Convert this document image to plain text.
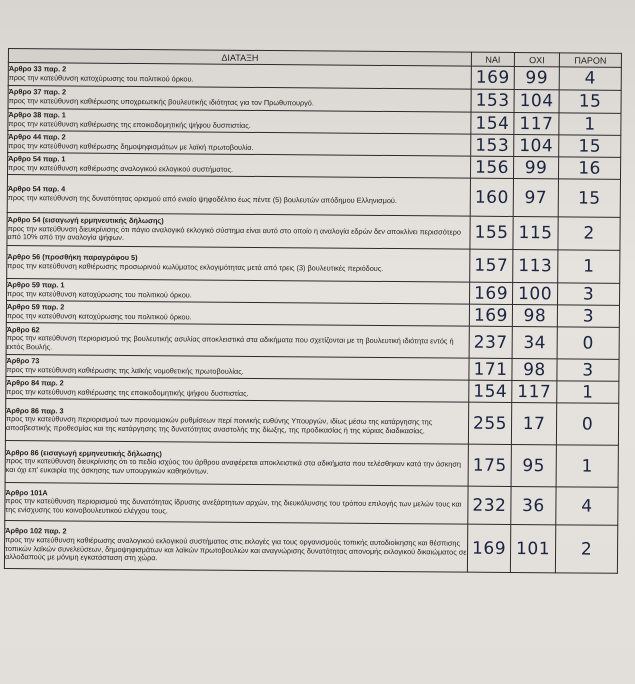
ΔΙΑΤΑΞΗ	ΝΑΙ	ΟΧΙ	ΠΑΡΟΝ

Άρθρο 33 παρ. 2
προς την κατεύθυνση κατοχύρωσης του πολιτικού όρκου.	169	99	4

Άρθρο 37 παρ. 2
προς την κατεύθυνση καθιέρωσης υποχρεωτικής βουλευτικής ιδιότητας για τον Πρωθυπουργό.	153	104	15

Άρθρο 38 παρ. 1
προς την κατεύθυνση καθιέρωσης της εποικοδομητικής ψήφου δυσπιστίας.	154	117	1

Άρθρο 44 παρ. 2
προς την κατεύθυνση καθιέρωσης δημοψηφισμάτων με λαϊκή πρωτοβουλία.	153	104	15

Άρθρο 54 παρ. 1
προς την κατεύθυνση καθιέρωσης αναλογικού εκλογικού συστήματος.	156	99	16

Άρθρο 54 παρ. 4
προς την κατεύθυνση της δυνατότητας ορισμού από ενιαίο ψηφοδέλτιο έως πέντε (5) βουλευτών απόδημου Ελληνισμού.	160	97	15

Άρθρο 54 (εισαγωγή ερμηνευτικής δήλωσης)
προς την κατεύθυνση διευκρίνισης ότι πάγιο αναλογικό εκλογικό σύστημα είναι αυτό στο οποίο η αναλογία εδρών δεν αποκλίνει περισσότερο από 10% από την αναλογία ψήφων.	155	115	2

Άρθρο 56 (προσθήκη παραγράφου 5)
προς την κατεύθυνση καθιέρωσης προσωρινού κωλύματος εκλογιμότητας μετά από τρεις (3) βουλευτικές περιόδους.	157	113	1

Άρθρο 59 παρ. 1
προς την κατεύθυνση κατοχύρωσης του πολιτικού όρκου.	169	100	3

Άρθρο 59 παρ. 2
προς την κατεύθυνση κατοχύρωσης του πολιτικού όρκου.	169	98	3

Άρθρο 62
προς την κατεύθυνση περιορισμού της βουλευτικής ασυλίας αποκλειστικά στα αδικήματα που σχετίζονται με τη βουλευτική ιδιότητα εντός ή εκτός Βουλής.	237	34	0

Άρθρο 73
προς την κατεύθυνση καθιέρωσης της λαϊκής νομοθετικής πρωτοβουλίας.	171	98	3

Άρθρο 84 παρ. 2
προς την κατεύθυνση καθιέρωσης της εποικοδομητικής ψήφου δυσπιστίας.	154	117	1

Άρθρο 86 παρ. 3
προς την κατεύθυνση περιορισμού των προνομιακών ρυθμίσεων περί ποινικής ευθύνης Υπουργών, ιδίως μέσω της κατάργησης της αποσβεστικής προθεσμίας και της κατάργησης της δυνατότητας αναστολής της δίωξης, της προδικασίας ή της κύριας διαδικασίας.	255	17	0

Άρθρο 86 (εισαγωγή ερμηνευτικής δήλωσης)
προς την κατεύθυνση διευκρίνισης ότι το πεδίο ισχύος του άρθρου αναφέρεται αποκλειστικά στα αδικήματα που τελέσθηκαν κατά την άσκηση και όχι επ' ευκαιρία της άσκησης των υπουργικών καθηκόντων.	175	95	1

Άρθρο 101Α
προς την κατεύθυνση περιορισμού της δυνατότητας ίδρυσης ανεξάρτητων αρχών, της διευκόλυνσης του τρόπου επιλογής των μελών τους και της ενίσχυσης του κοινοβουλευτικού ελέγχου τους.	232	36	4

Άρθρο 102 παρ. 2
προς την κατεύθυνση καθιέρωσης αναλογικού εκλογικού συστήματος στις εκλογές για τους οργανισμούς τοπικής αυτοδιοίκησης και θέσπισης τοπικών λαϊκών συνελεύσεων, δημοψηφισμάτων και λαϊκών πρωτοβουλιών και αναγνώρισης δυνατότητας απονομής εκλογικού δικαιώματος σε αλλοδαπούς με μόνιμη εγκατάσταση στη χώρα.	169	101	2
